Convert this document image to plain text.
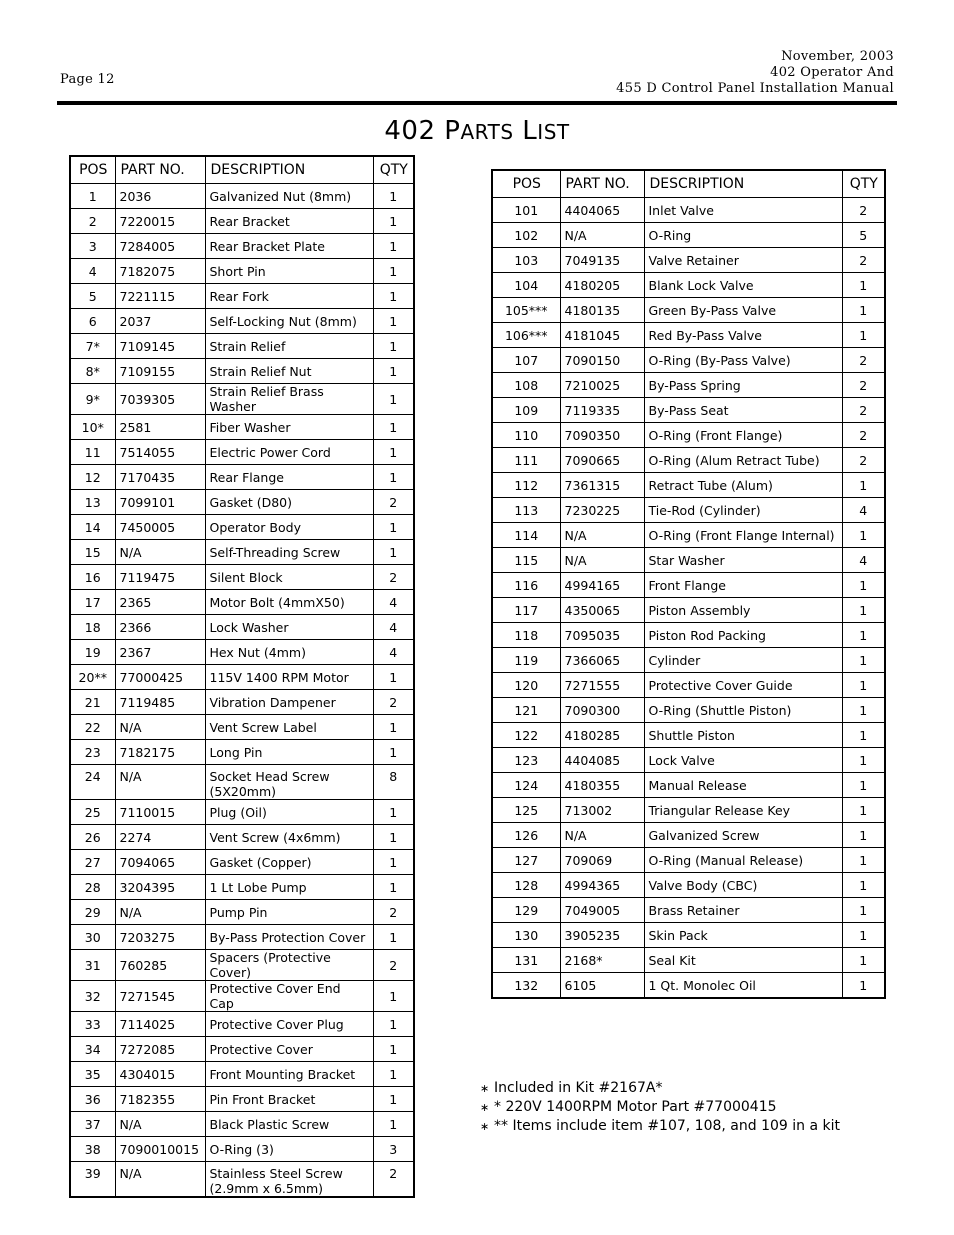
Page 12
November, 2003
402 Operator And
455 D Control Panel Installation Manual
402 PARTS LIST
POS	PART NO.	DESCRIPTION	QTY
1	2036	Galvanized Nut (8mm)	1
2	7220015	Rear Bracket	1
3	7284005	Rear Bracket Plate	1
4	7182075	Short Pin	1
5	7221115	Rear Fork	1
6	2037	Self-Locking Nut (8mm)	1
7*	7109145	Strain Relief	1
8*	7109155	Strain Relief Nut	1
9*	7039305	Strain Relief Brass Washer	1
10*	2581	Fiber Washer	1
11	7514055	Electric Power Cord	1
12	7170435	Rear Flange	1
13	7099101	Gasket (D80)	2
14	7450005	Operator Body	1
15	N/A	Self-Threading Screw	1
16	7119475	Silent Block	2
17	2365	Motor Bolt (4mmX50)	4
18	2366	Lock Washer	4
19	2367	Hex Nut (4mm)	4
20**	77000425	115V 1400 RPM Motor	1
21	7119485	Vibration Dampener	2
22	N/A	Vent Screw Label	1
23	7182175	Long Pin	1
24	N/A	Socket Head Screw (5X20mm)	8
25	7110015	Plug (Oil)	1
26	2274	Vent Screw (4x6mm)	1
27	7094065	Gasket (Copper)	1
28	3204395	1 Lt Lobe Pump	1
29	N/A	Pump Pin	2
30	7203275	By-Pass Protection Cover	1
31	760285	Spacers (Protective Cover)	2
32	7271545	Protective Cover End Cap	1
33	7114025	Protective Cover Plug	1
34	7272085	Protective Cover	1
35	4304015	Front Mounting Bracket	1
36	7182355	Pin Front Bracket	1
37	N/A	Black Plastic Screw	1
38	7090010015	O-Ring (3)	3
39	N/A	Stainless Steel Screw (2.9mm x 6.5mm)	2
POS	PART NO.	DESCRIPTION	QTY
101	4404065	Inlet Valve	2
102	N/A	O-Ring	5
103	7049135	Valve Retainer	2
104	4180205	Blank Lock Valve	1
105***	4180135	Green By-Pass Valve	1
106***	4181045	Red By-Pass Valve	1
107	7090150	O-Ring (By-Pass Valve)	2
108	7210025	By-Pass Spring	2
109	7119335	By-Pass Seat	2
110	7090350	O-Ring (Front Flange)	2
111	7090665	O-Ring (Alum Retract Tube)	2
112	7361315	Retract Tube (Alum)	1
113	7230225	Tie-Rod (Cylinder)	4
114	N/A	O-Ring (Front Flange Internal)	1
115	N/A	Star Washer	4
116	4994165	Front Flange	1
117	4350065	Piston Assembly	1
118	7095035	Piston Rod Packing	1
119	7366065	Cylinder	1
120	7271555	Protective Cover Guide	1
121	7090300	O-Ring (Shuttle Piston)	1
122	4180285	Shuttle Piston	1
123	4404085	Lock Valve	1
124	4180355	Manual Release	1
125	713002	Triangular Release Key	1
126	N/A	Galvanized Screw	1
127	709069	O-Ring (Manual Release)	1
128	4994365	Valve Body (CBC)	1
129	7049005	Brass Retainer	1
130	3905235	Skin Pack	1
131	2168*	Seal Kit	1
132	6105	1 Qt. Monolec Oil	1
∗ Included in Kit #2167A*
∗ * 220V 1400RPM Motor Part #77000415
∗ ** Items include item #107, 108, and 109 in a kit
